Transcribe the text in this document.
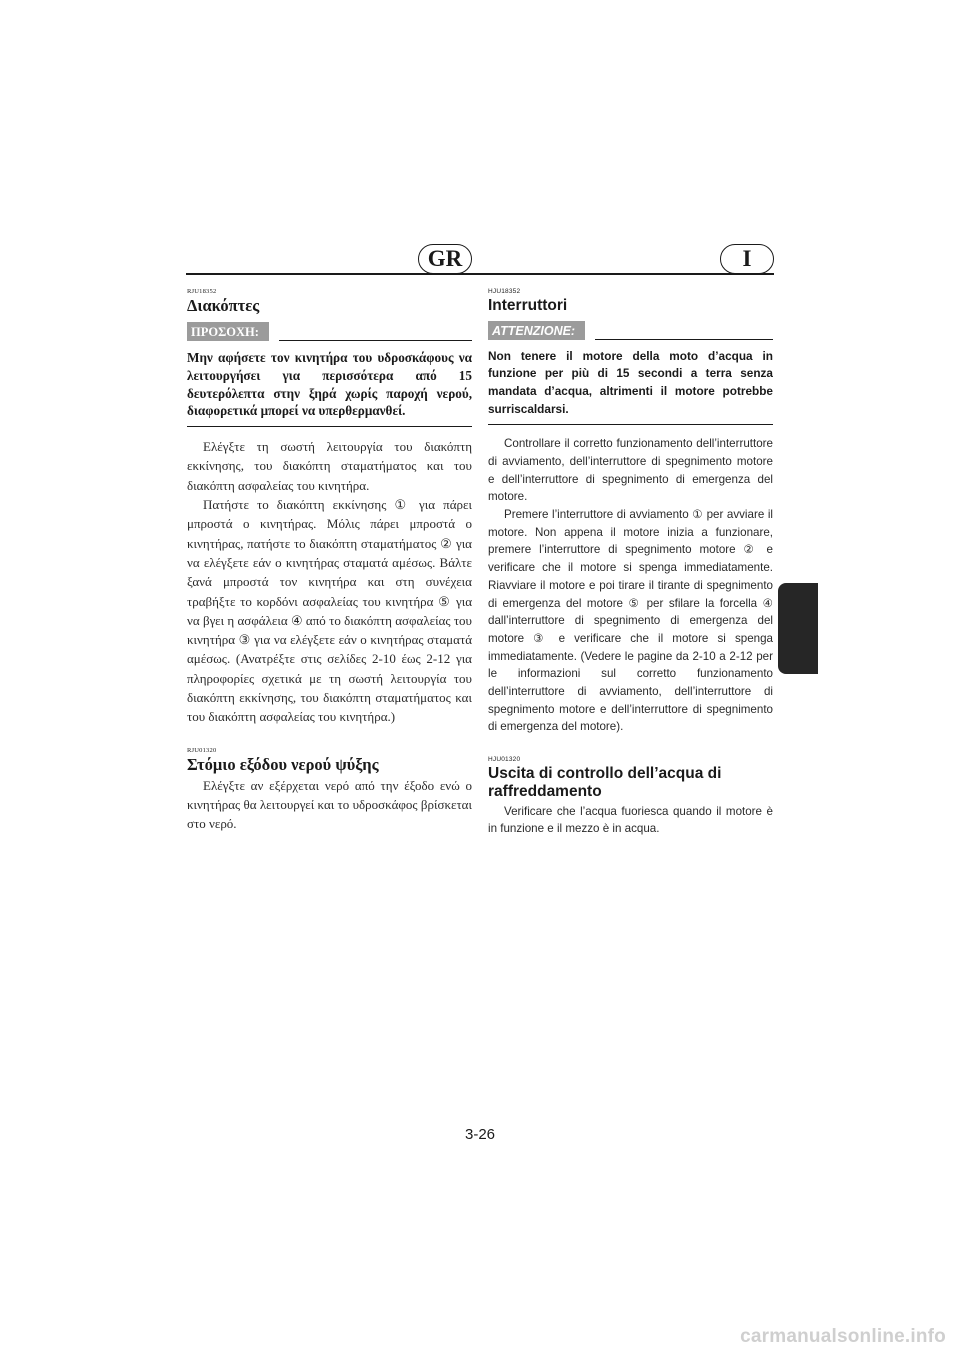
GR	I
RJU18352
Διακόπτες
ΠΡΟΣΟΧΗ:

Μην αφήσετε τον κινητήρα του υδροσκάφους να λειτουργήσει για περισσότερα από 15 δευτερόλεπτα στην ξηρά χωρίς παροχή νερού, διαφορετικά μπορεί να υπερθερμανθεί.

Ελέγξτε τη σωστή λειτουργία του διακόπτη εκκίνησης, του διακόπτη σταματήματος και του διακόπτη ασφαλείας του κινητήρα.

Πατήστε το διακόπτη εκκίνησης ① για πάρει μπροστά ο κινητήρας. Μόλις πάρει μπροστά ο κινητήρας, πατήστε το διακόπτη σταματήματος ② για να ελέγξετε εάν ο κινητήρας σταματά αμέσως. Βάλτε ξανά μπροστά τον κινητήρα και στη συνέχεια τραβήξτε το κορδόνι ασφαλείας του κινητήρα ⑤ για να βγει η ασφάλεια ④ από το διακόπτη ασφαλείας του κινητήρα ③ για να ελέγξετε εάν ο κινητήρας σταματά αμέσως. (Ανατρέξτε στις σελίδες 2-10 έως 2-12 για πληροφορίες σχετικά με τη σωστή λειτουργία του διακόπτη εκκίνησης, του διακόπτη σταματήματος και του διακόπτη ασφαλείας του κινητήρα.)

RJU01320
Στόμιο εξόδου νερού ψύξης

Ελέγξτε αν εξέρχεται νερό από την έξοδο ενώ ο κινητήρας θα λειτουργεί και το υδροσκάφος βρίσκεται στο νερό.

HJU18352
Interruttori
ATTENZIONE:

Non tenere il motore della moto d’acqua in funzione per più di 15 secondi a terra senza mandata d’acqua, altrimenti il motore potrebbe surriscaldarsi.

Controllare il corretto funzionamento dell’interruttore di avviamento, dell’interruttore di spegnimento motore e dell’interruttore di spegnimento di emergenza del motore.

Premere l’interruttore di avviamento ① per avviare il motore. Non appena il motore inizia a funzionare, premere l’interruttore di spegnimento motore ② e verificare che il motore si spenga immediatamente. Riavviare il motore e poi tirare il tirante di spegnimento di emergenza del motore ⑤ per sfilare la forcella ④ dall’interruttore di spegnimento di emergenza del motore ③ e verificare che il motore si spenga immediatamente. (Vedere le pagine da 2-10 a 2-12 per le informazioni sul corretto funzionamento dell’interruttore di avviamento, dell’interruttore di spegnimento motore e dell’interruttore di spegnimento di emergenza del motore).

HJU01320
Uscita di controllo dell’acqua di raffreddamento

Verificare che l’acqua fuoriesca quando il motore è in funzione e il mezzo è in acqua.

3-26
carmanualsonline.info
